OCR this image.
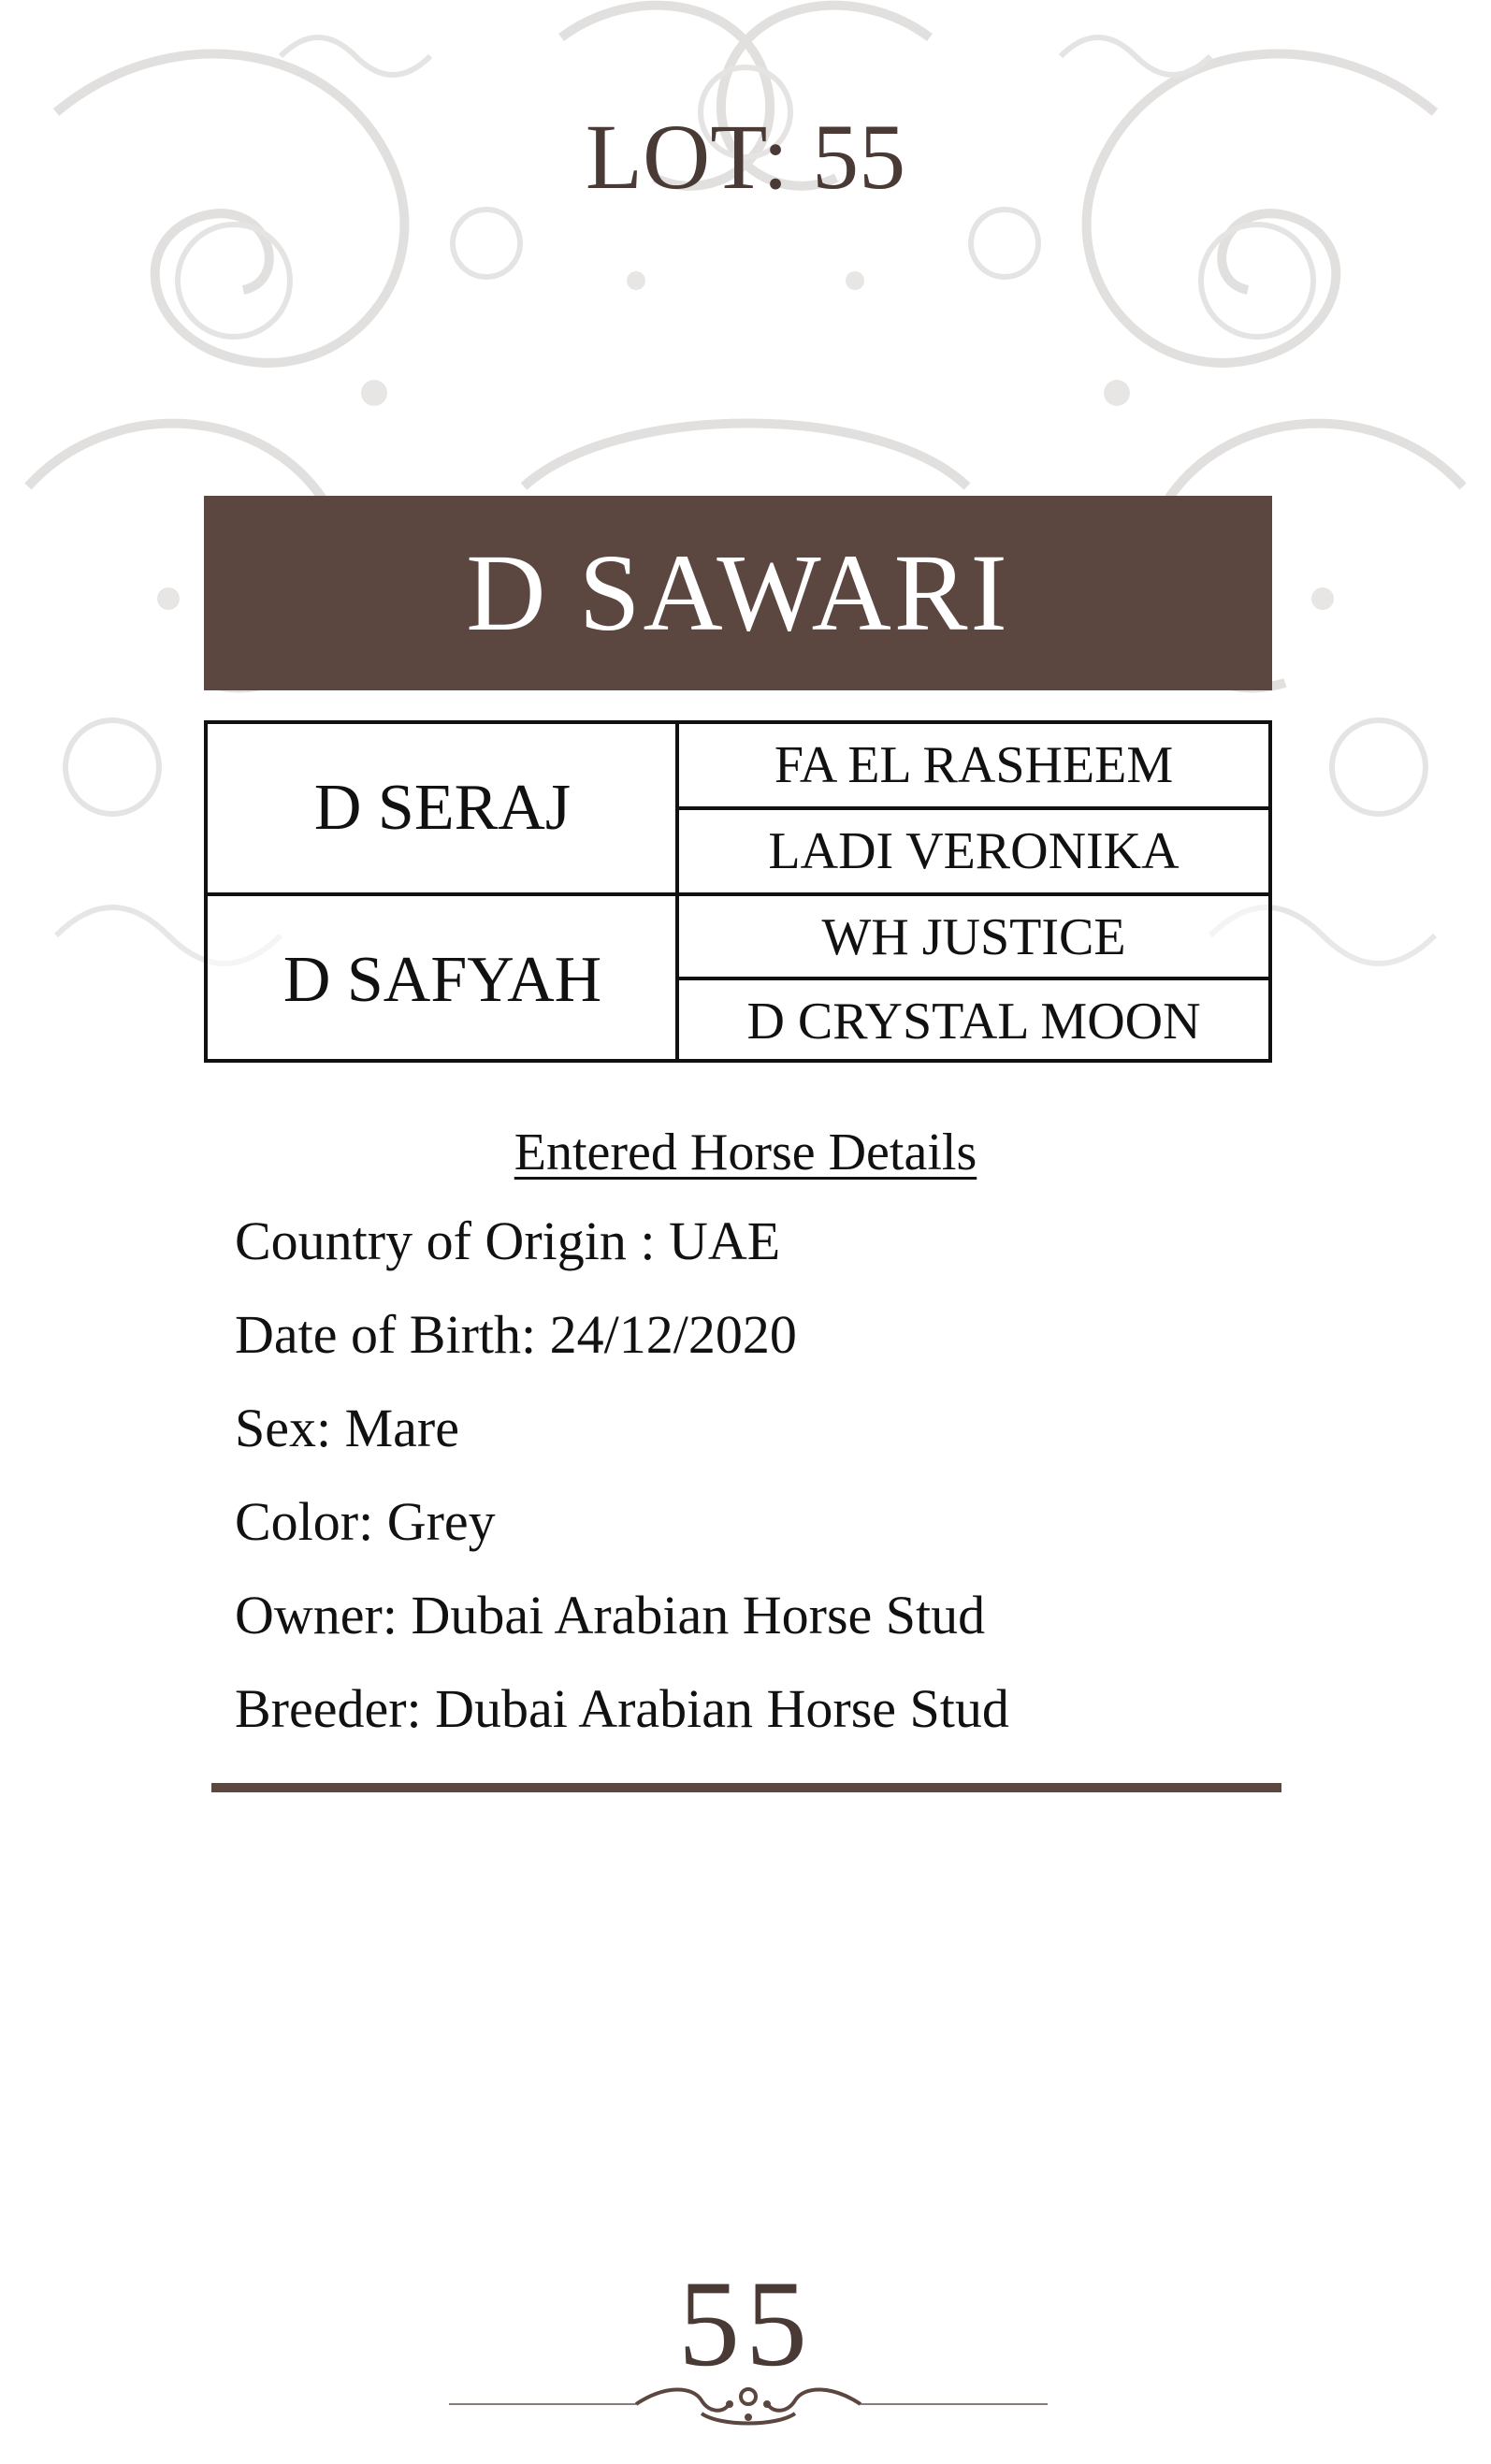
LOT: 55
D SAWARI
D SERAJ
D SAFYAH
FA EL RASHEEM
LADI VERONIKA
WH JUSTICE
D CRYSTAL MOON
Entered Horse Details
Country of Origin : UAE
Date of Birth: 24/12/2020
Sex: Mare
Color: Grey
Owner: Dubai Arabian Horse Stud
Breeder: Dubai Arabian Horse Stud
55
